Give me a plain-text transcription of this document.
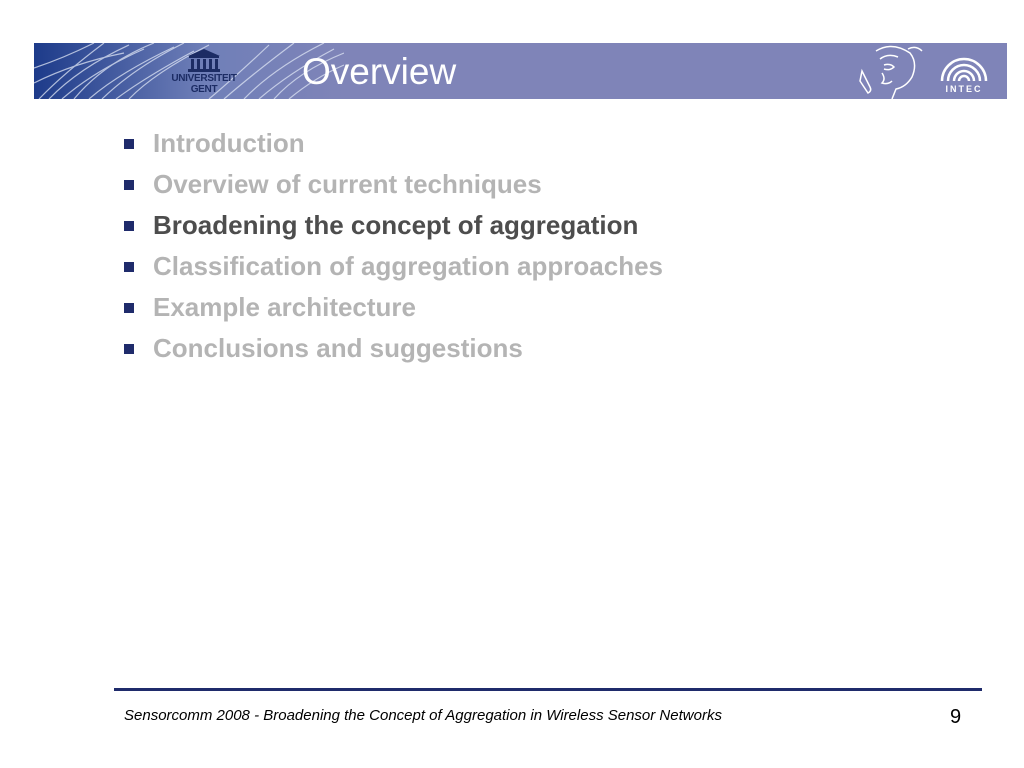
UNIVERSITEIT
GENT	Overview	INTEC
Introduction
Overview of current techniques
Broadening the concept of aggregation
Classification of aggregation approaches
Example architecture
Conclusions and suggestions
Sensorcomm 2008 - Broadening the Concept of Aggregation in Wireless Sensor Networks	9
